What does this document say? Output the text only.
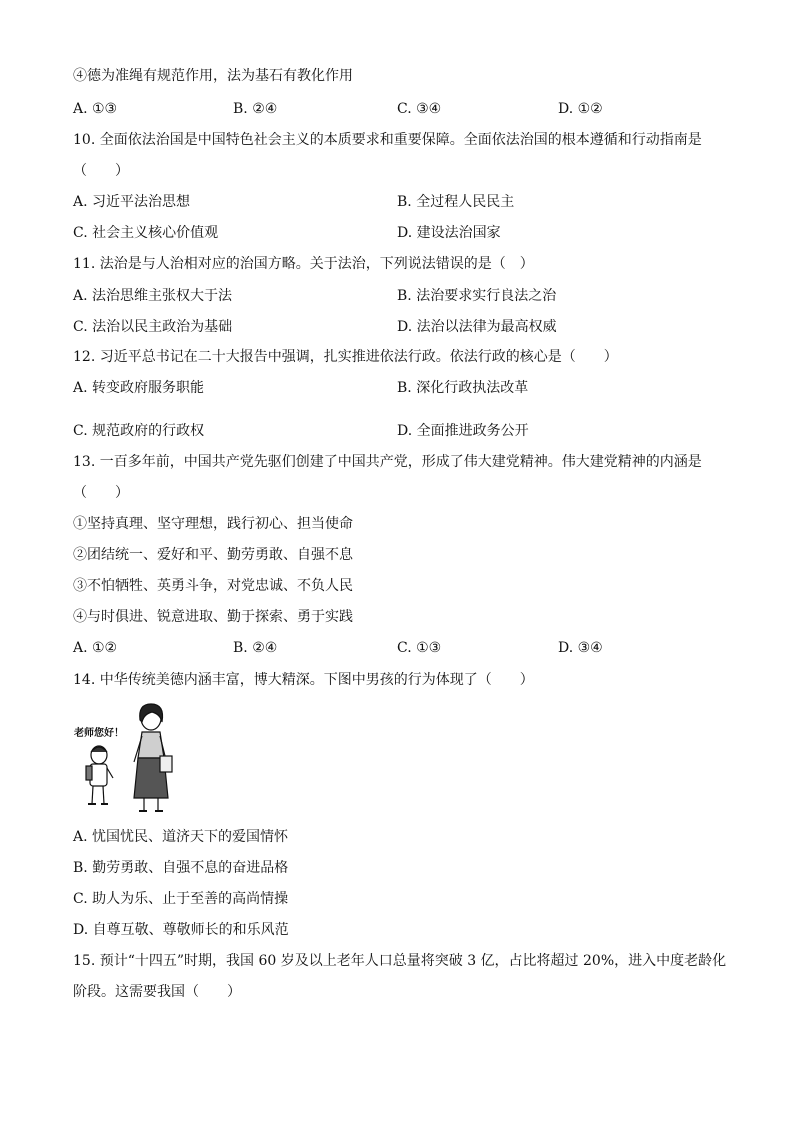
④德为准绳有规范作用，法为基石有教化作用
A. ①③	B. ②④	C. ③④	D. ①②
10. 全面依法治国是中国特色社会主义的本质要求和重要保障。全面依法治国的根本遵循和行动指南是
（　　）
A. 习近平法治思想	B. 全过程人民民主
C. 社会主义核心价值观	D. 建设法治国家
11. 法治是与人治相对应的治国方略。关于法治，下列说法错误的是（　）
A. 法治思维主张权大于法	B. 法治要求实行良法之治
C. 法治以民主政治为基础	D. 法治以法律为最高权威
12. 习近平总书记在二十大报告中强调，扎实推进依法行政。依法行政的核心是（　　）
A. 转变政府服务职能	B. 深化行政执法改革
C. 规范政府的行政权	D. 全面推进政务公开
13. 一百多年前，中国共产党先驱们创建了中国共产党，形成了伟大建党精神。伟大建党精神的内涵是
（　　）
①坚持真理、坚守理想，践行初心、担当使命
②团结统一、爱好和平、勤劳勇敢、自强不息
③不怕牺牲、英勇斗争，对党忠诚、不负人民
④与时俱进、锐意进取、勤于探索、勇于实践
A. ①②	B. ②④	C. ①③	D. ③④
14. 中华传统美德内涵丰富，博大精深。下图中男孩的行为体现了（　　）
老师您好！
A. 忧国忧民、道济天下的爱国情怀
B. 勤劳勇敢、自强不息的奋进品格
C. 助人为乐、止于至善的高尚情操
D. 自尊互敬、尊敬师长的和乐风范
15. 预计“十四五”时期，我国 60 岁及以上老年人口总量将突破 3 亿，占比将超过 20%，进入中度老龄化
阶段。这需要我国（　　）
